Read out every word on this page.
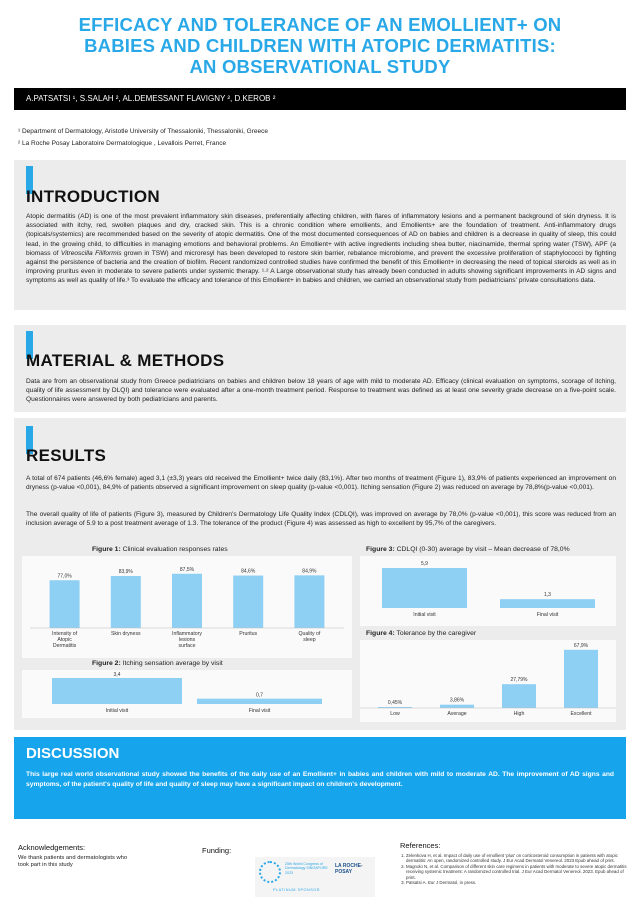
EFFICACY AND TOLERANCE OF AN EMOLLIENT+ ON
BABIES AND CHILDREN WITH ATOPIC DERMATITIS:
AN OBSERVATIONAL STUDY
A.PATSATSI ¹, S.SALAH ², AL.DEMESSANT FLAVIGNY ², D.KEROB ²
¹ Department of Dermatology, Aristotle University of Thessaloniki, Thessaloniki, Greece
² La Roche Posay Laboratoire Dermatologique , Levallois Perret, France
INTRODUCTION
Atopic dermatitis (AD) is one of the most prevalent inflammatory skin diseases, preferentially affecting children, with flares of inflammatory lesions and a permanent background of skin dryness. It is associated with itchy, red, swollen plaques and dry, cracked skin. This is a chronic condition where emollients, and Emollients+ are the foundation of treatment. Anti-inflammatory drugs (topicals/systemics) are recommended based on the severity of atopic dermatitis. One of the most documented consequences of AD on babies and children is a decrease in quality of sleep, this could lead, in the growing child, to difficulties in managing emotions and behavioral problems. An Emollient+ with active ingredients including shea butter, niacinamide, thermal spring water (TSW), APF (a biomass of Vitreoscilla Filiformis grown in TSW) and microresyl has been developed to restore skin barrier, rebalance microbiome, and prevent the excessive proliferation of staphylococci by fighting against the persistence of bacteria and the creation of biofilm. Recent randomized controlled studies have confirmed the benefit of this Emollient+ in decreasing the need of topical steroids as well as in improving pruritus even in moderate to severe patients under systemic therapy. ¹·² A Large observational study has already been conducted in adults showing significant improvements in AD signs and symptoms as well as quality of life.³ To evaluate the efficacy and tolerance of this Emollient+ in babies and children, we carried an observational study from pediatricians' private consultations data.
MATERIAL & METHODS
Data are from an observational study from Greece pediatricians on babies and children below 18 years of age with mild to moderate AD. Efficacy (clinical evaluation on symptoms, scorage of itching, quality of life assessment by DLQI) and tolerance were evaluated after a one-month treatment period. Response to treatment was defined as at least one severity grade decrease on a five-point scale. Questionnaires were answered by both pediatricians and parents.
RESULTS
A total of 674 patients (46,6% female) aged 3,1 (±3,3) years old received the Emollient+ twice daily (83,1%). After two months of treatment (Figure 1), 83,9% of patients experienced an improvement on dryness (p-value <0,001), 84,9% of patients observed a significant improvement on sleep quality (p-value <0,001). Itching sensation (Figure 2) was reduced on average by 78,8%(p-value <0,001).
The overall quality of life of patients (Figure 3), measured by Children's Dermatology Life Quality Index (CDLQI), was improved on average by 78,0% (p-value <0,001), this score was reduced from an inclusion average of 5.9 to a post treatment average of 1.3. The tolerance of the product (Figure 4) was assessed as high to excellent by 95,7% of the caregivers.
Figure 1: Clinical evaluation responses rates
77,0%
Intensity of Atopic Dermatitis
83,9%
Skin dryness
87,5%
Inflammatory lesions surface
84,6%
Pruritus
84,9%
Quality of sleep
Figure 2: Itching sensation average by visit
3,4
Initial visit
0,7
Final visit
Figure 3: CDLQI (0-30) average by visit – Mean decrease of 78,0%
5,9
Initial visit
1,3
Final visit
Figure 4: Tolerance by the caregiver
0,45%
Low
3,86%
Average
27,79%
High
67,9%
Excellent
DISCUSSION
This large real world observational study showed the benefits of the daily use of an Emollient+ in babies and children with mild to moderate AD. The improvement of AD signs and symptoms, of the patient's quality of life and quality of sleep may have a significant impact on children's development.
Acknowledgements:
We thank patients and dermatologists who took part in this study
Funding:
25th World Congress of Dermatology SINGAPORE 2023
LA ROCHE-POSAY
PLATINUM SPONSOR
References:
1. Zelenkova H, et al. Impact of daily use of emollient 'plus' on corticosteroid consumption in patients with atopic dermatitis: An open, randomized controlled study. J Eur Acad Dermatol Venereol. 2023 Epub ahead of print.
2. Magnolo N, et al. Comparison of different skin care regimens in patients with moderate to severe atopic dermatitis receiving systemic treatment: A randomized controlled trial. J Eur Acad Dermatol Venereol. 2023. Epub ahead of print.
3. Patsatsi A. Eur J Dermatol, in press.
